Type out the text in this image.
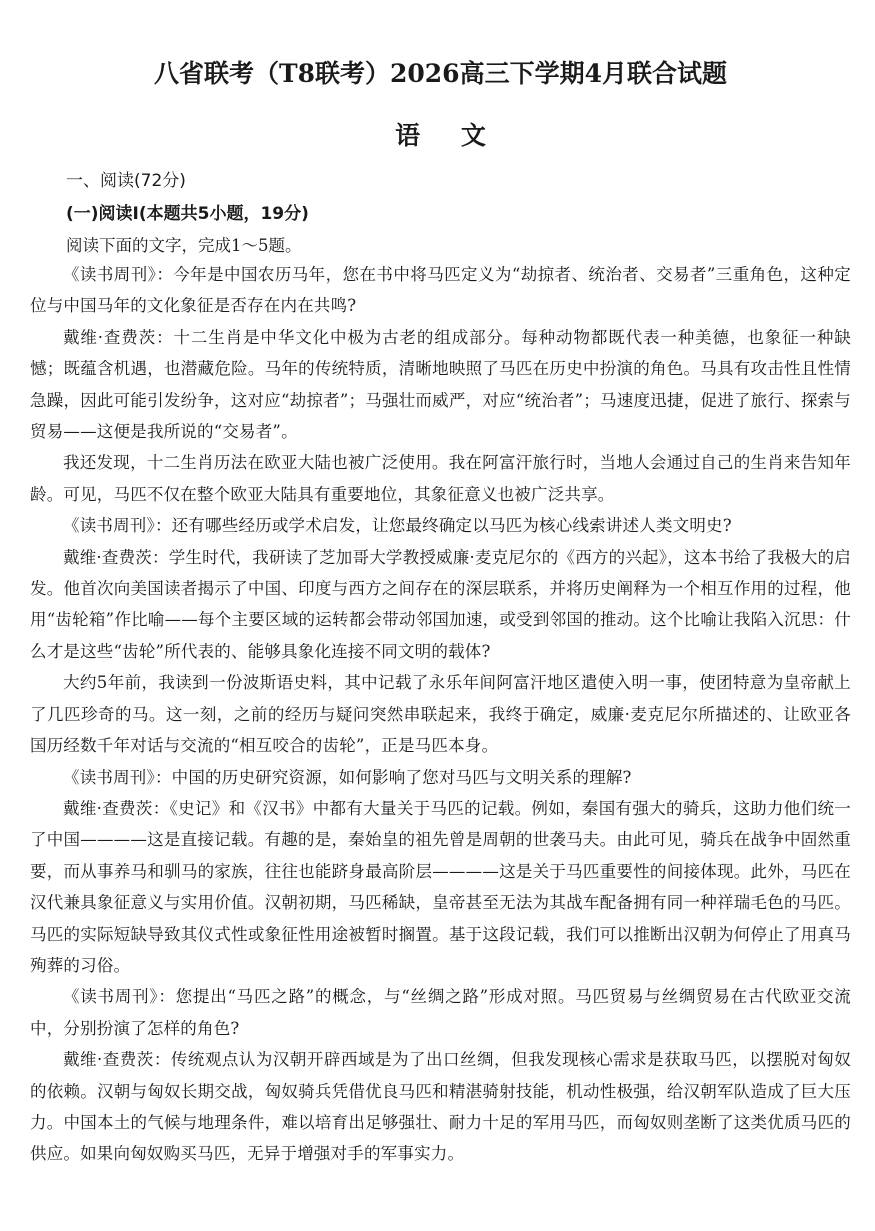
八省联考（T8联考）2026高三下学期4月联合试题
语 文
一、阅读(72分)
(一)阅读Ⅰ(本题共5小题，19分)
阅读下面的文字，完成1～5题。

《读书周刊》：今年是中国农历马年，您在书中将马匹定义为“劫掠者、统治者、交易者”三重角色，这种定位与中国马年的文化象征是否存在内在共鸣?

戴维·查费茨：十二生肖是中华文化中极为古老的组成部分。每种动物都既代表一种美德，也象征一种缺憾；既蕴含机遇，也潜藏危险。马年的传统特质，清晰地映照了马匹在历史中扮演的角色。马具有攻击性且性情急躁，因此可能引发纷争，这对应“劫掠者”；马强壮而威严，对应“统治者”；马速度迅捷，促进了旅行、探索与贸易——这便是我所说的“交易者”。

我还发现，十二生肖历法在欧亚大陆也被广泛使用。我在阿富汗旅行时，当地人会通过自己的生肖来告知年龄。可见，马匹不仅在整个欧亚大陆具有重要地位，其象征意义也被广泛共享。

《读书周刊》：还有哪些经历或学术启发，让您最终确定以马匹为核心线索讲述人类文明史?

戴维·查费茨：学生时代，我研读了芝加哥大学教授威廉·麦克尼尔的《西方的兴起》，这本书给了我极大的启发。他首次向美国读者揭示了中国、印度与西方之间存在的深层联系，并将历史阐释为一个相互作用的过程，他用“齿轮箱”作比喻——每个主要区域的运转都会带动邻国加速，或受到邻国的推动。这个比喻让我陷入沉思：什么才是这些“齿轮”所代表的、能够具象化连接不同文明的载体?

大约5年前，我读到一份波斯语史料，其中记载了永乐年间阿富汗地区遣使入明一事，使团特意为皇帝献上了几匹珍奇的马。这一刻，之前的经历与疑问突然串联起来，我终于确定，威廉·麦克尼尔所描述的、让欧亚各国历经数千年对话与交流的“相互咬合的齿轮”，正是马匹本身。

《读书周刊》：中国的历史研究资源，如何影响了您对马匹与文明关系的理解?

戴维·查费茨：《史记》和《汉书》中都有大量关于马匹的记载。例如，秦国有强大的骑兵，这助力他们统一了中国————这是直接记载。有趣的是，秦始皇的祖先曾是周朝的世袭马夫。由此可见，骑兵在战争中固然重要，而从事养马和驯马的家族，往往也能跻身最高阶层————这是关于马匹重要性的间接体现。此外，马匹在汉代兼具象征意义与实用价值。汉朝初期，马匹稀缺，皇帝甚至无法为其战车配备拥有同一种祥瑞毛色的马匹。马匹的实际短缺导致其仪式性或象征性用途被暂时搁置。基于这段记载，我们可以推断出汉朝为何停止了用真马殉葬的习俗。

《读书周刊》：您提出“马匹之路”的概念，与“丝绸之路”形成对照。马匹贸易与丝绸贸易在古代欧亚交流中，分别扮演了怎样的角色?

戴维·查费茨：传统观点认为汉朝开辟西域是为了出口丝绸，但我发现核心需求是获取马匹，以摆脱对匈奴的依赖。汉朝与匈奴长期交战，匈奴骑兵凭借优良马匹和精湛骑射技能，机动性极强，给汉朝军队造成了巨大压力。中国本土的气候与地理条件，难以培育出足够强壮、耐力十足的军用马匹，而匈奴则垄断了这类优质马匹的供应。如果向匈奴购买马匹，无异于增强对手的军事实力。
